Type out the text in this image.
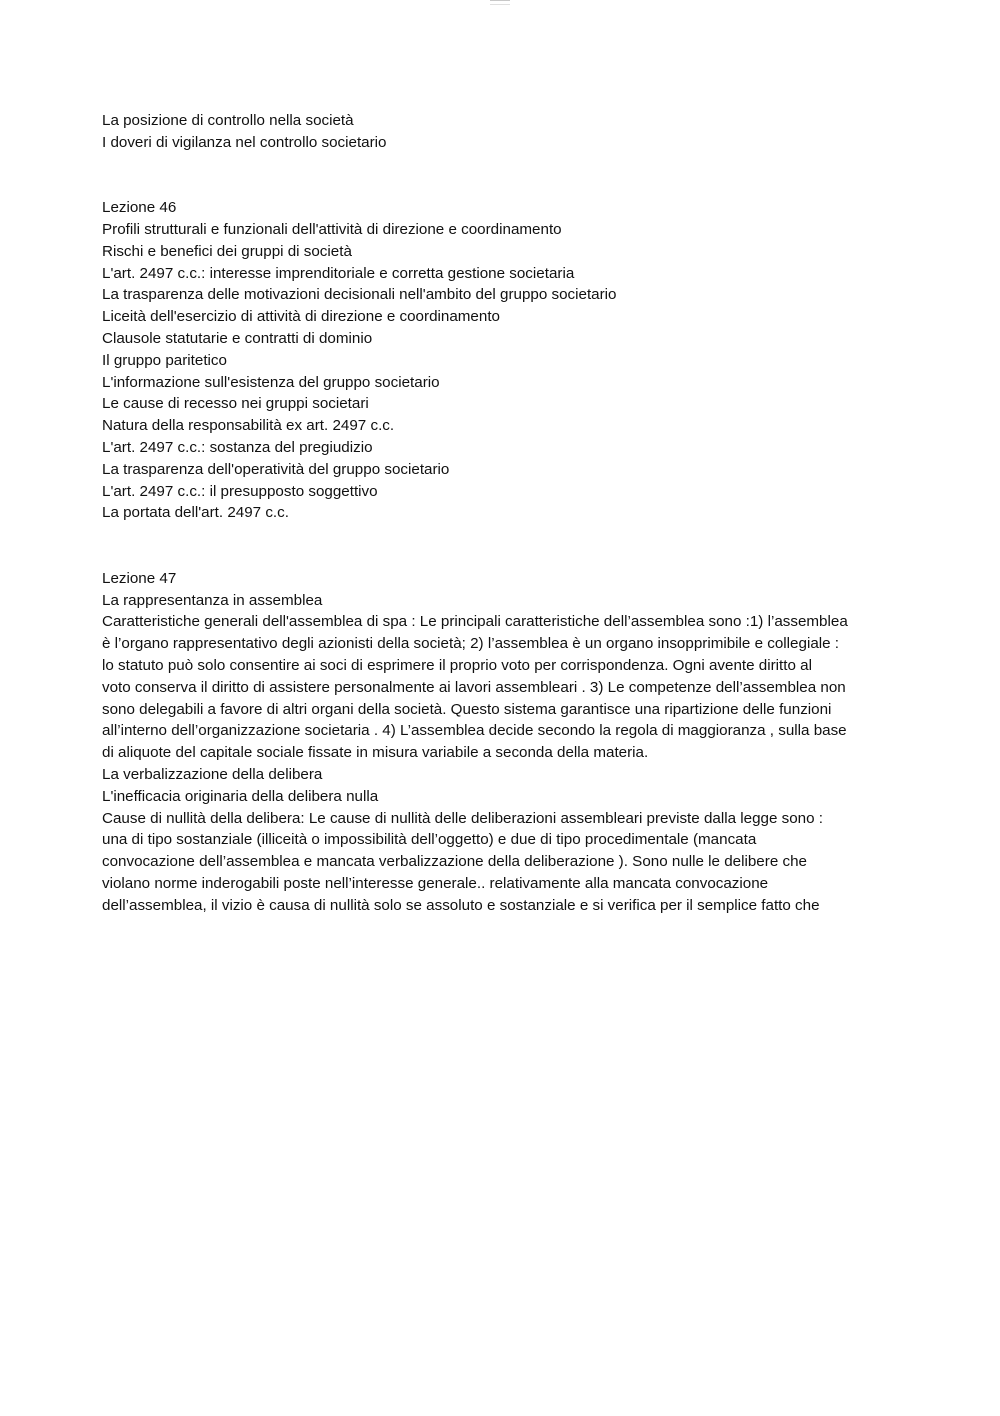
La posizione di controllo nella società
I doveri di vigilanza nel controllo societario
Lezione 46
Profili strutturali e funzionali dell'attività di direzione e coordinamento
Rischi e benefici dei gruppi di società
L'art. 2497 c.c.: interesse imprenditoriale e corretta gestione societaria
La trasparenza delle motivazioni decisionali nell'ambito del gruppo societario
Liceità dell'esercizio di attività di direzione e coordinamento
Clausole statutarie e contratti di dominio
Il gruppo paritetico
L'informazione sull'esistenza del gruppo societario
Le cause di recesso nei gruppi societari
Natura della responsabilità ex art. 2497 c.c.
L'art. 2497 c.c.: sostanza del pregiudizio
La trasparenza dell'operatività del gruppo societario
L'art. 2497 c.c.: il presupposto soggettivo
La portata dell'art. 2497 c.c.
Lezione 47
La rappresentanza in assemblea
Caratteristiche generali dell'assemblea di spa : Le principali caratteristiche dell’assemblea sono :1) l’assemblea
è l’organo rappresentativo degli azionisti della società; 2) l’assemblea è un organo insopprimibile e collegiale :
lo statuto può solo consentire ai soci di esprimere il proprio voto per corrispondenza. Ogni avente diritto al
voto conserva il diritto di assistere personalmente ai lavori assembleari . 3) Le competenze dell’assemblea non
sono delegabili a favore di altri organi della società. Questo sistema garantisce una ripartizione delle funzioni
all’interno dell’organizzazione societaria . 4) L’assemblea decide secondo la regola di maggioranza , sulla base
di aliquote del capitale sociale fissate in misura variabile a seconda della materia.
La verbalizzazione della delibera
L'inefficacia originaria della delibera nulla
Cause di nullità della delibera: Le cause di nullità delle deliberazioni assembleari previste dalla legge sono :
una di tipo sostanziale (illiceità o impossibilità dell’oggetto) e due di tipo procedimentale (mancata
convocazione dell’assemblea e mancata verbalizzazione della deliberazione ). Sono nulle le delibere che
violano norme inderogabili poste nell’interesse generale.. relativamente alla mancata convocazione
dell’assemblea, il vizio è causa di nullità solo se assoluto e sostanziale e si verifica per il semplice fatto che
